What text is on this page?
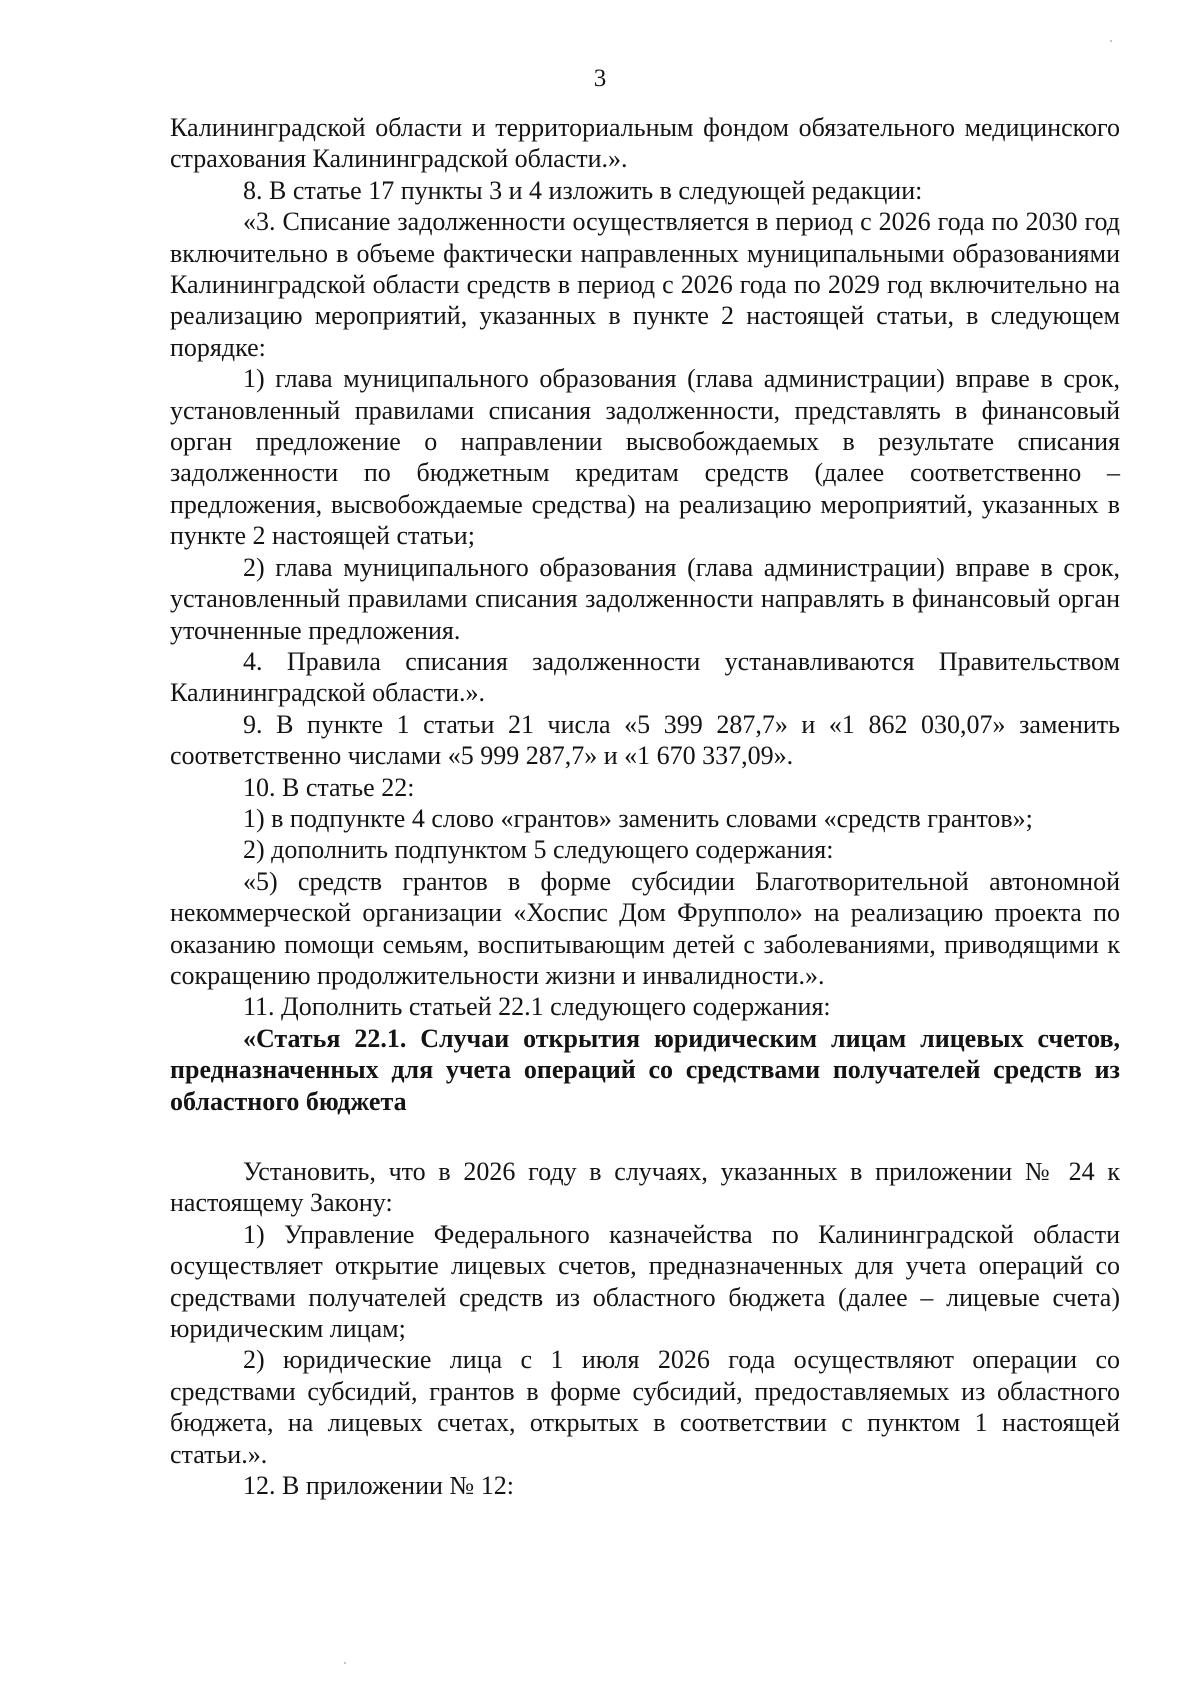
3

Калининградской области и территориальным фондом обязательного медицинского страхования Калининградской области.».

8. В статье 17 пункты 3 и 4 изложить в следующей редакции:

«3. Списание задолженности осуществляется в период с 2026 года по 2030 год включительно в объеме фактически направленных муниципальными образованиями Калининградской области средств в период с 2026 года по 2029 год включительно на реализацию мероприятий, указанных в пункте 2 настоящей статьи, в следующем порядке:

1) глава муниципального образования (глава администрации) вправе в срок, установленный правилами списания задолженности, представлять в финансовый орган предложение о направлении высвобождаемых в результате списания задолженности по бюджетным кредитам средств (далее соответственно – предложения, высвобождаемые средства) на реализацию мероприятий, указанных в пункте 2 настоящей статьи;

2) глава муниципального образования (глава администрации) вправе в срок, установленный правилами списания задолженности направлять в финансовый орган уточненные предложения.

4. Правила списания задолженности устанавливаются Правительством Калининградской области.».

9. В пункте 1 статьи 21 числа «5 399 287,7» и «1 862 030,07» заменить соответственно числами «5 999 287,7» и «1 670 337,09».

10. В статье 22:

1) в подпункте 4 слово «грантов» заменить словами «средств грантов»;

2) дополнить подпунктом 5 следующего содержания:

«5) средств грантов в форме субсидии Благотворительной автономной некоммерческой организации «Хоспис Дом Фрупполо» на реализацию проекта по оказанию помощи семьям, воспитывающим детей с заболеваниями, приводящими к сокращению продолжительности жизни и инвалидности.».

11. Дополнить статьей 22.1 следующего содержания:

«Статья 22.1. Случаи открытия юридическим лицам лицевых счетов, предназначенных для учета операций со средствами получателей средств из областного бюджета

Установить, что в 2026 году в случаях, указанных в приложении № 24 к настоящему Закону:

1) Управление Федерального казначейства по Калининградской области осуществляет открытие лицевых счетов, предназначенных для учета операций со средствами получателей средств из областного бюджета (далее – лицевые счета) юридическим лицам;

2) юридические лица с 1 июля 2026 года осуществляют операции со средствами субсидий, грантов в форме субсидий, предоставляемых из областного бюджета, на лицевых счетах, открытых в соответствии с пунктом 1 настоящей статьи.».

12. В приложении № 12:
